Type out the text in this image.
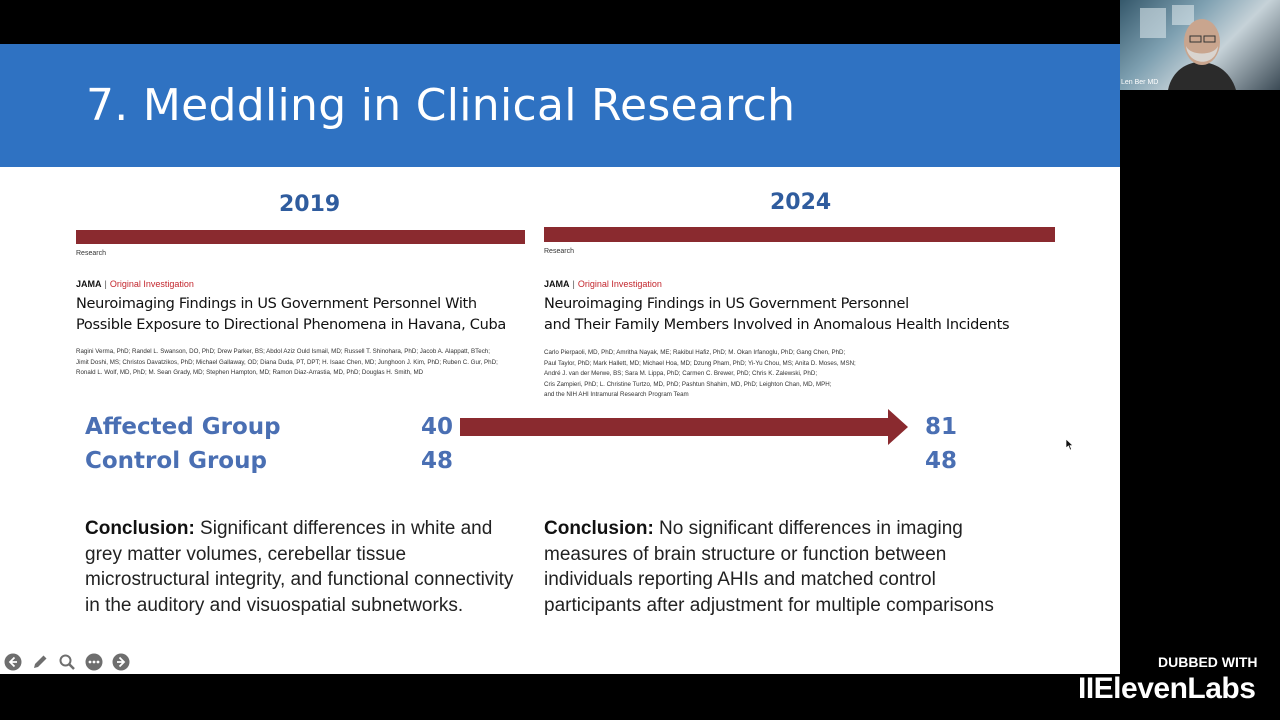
7. Meddling in Clinical Research
2019	2024
Research
JAMA | Original Investigation
Neuroimaging Findings in US Government Personnel With
Possible Exposure to Directional Phenomena in Havana, Cuba
Ragini Verma, PhD; Randel L. Swanson, DO, PhD; Drew Parker, BS; Abdol Aziz Ould Ismail, MD; Russell T. Shinohara, PhD; Jacob A. Alappatt, BTech;
Jimit Doshi, MS; Christos Davatzikos, PhD; Michael Gallaway, OD; Diana Duda, PT, DPT; H. Isaac Chen, MD; Junghoon J. Kim, PhD; Ruben C. Gur, PhD;
Ronald L. Wolf, MD, PhD; M. Sean Grady, MD; Stephen Hampton, MD; Ramon Diaz-Arrastia, MD, PhD; Douglas H. Smith, MD
Research
JAMA | Original Investigation
Neuroimaging Findings in US Government Personnel
and Their Family Members Involved in Anomalous Health Incidents
Carlo Pierpaoli, MD, PhD; Amritha Nayak, ME; Rakibul Hafiz, PhD; M. Okan Irfanoglu, PhD; Gang Chen, PhD;
Paul Taylor, PhD; Mark Hallett, MD; Michael Hoa, MD; Dzung Pham, PhD; Yi-Yu Chou, MS; Anita D. Moses, MSN;
André J. van der Merwe, BS; Sara M. Lippa, PhD; Carmen C. Brewer, PhD; Chris K. Zalewski, PhD;
Cris Zampieri, PhD; L. Christine Turtzo, MD, PhD; Pashtun Shahim, MD, PhD; Leighton Chan, MD, MPH;
and the NIH AHI Intramural Research Program Team
Affected Group
Control Group
40
48
81
48
Conclusion: Significant differences in white and grey matter volumes, cerebellar tissue microstructural integrity, and functional connectivity in the auditory and visuospatial subnetworks.
Conclusion: No significant differences in imaging measures of brain structure or function between individuals reporting AHIs and matched control participants after adjustment for multiple comparisons
Len Ber MD
DUBBED WITH
IIElevenLabs
